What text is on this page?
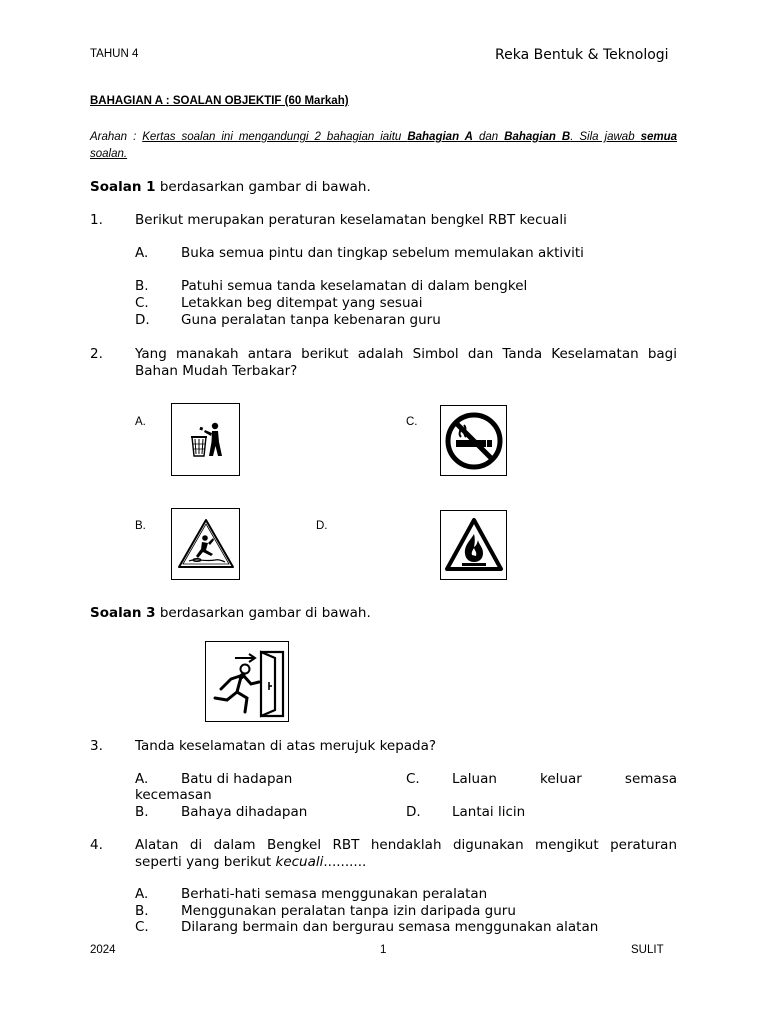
TAHUN 4	Reka Bentuk & Teknologi
BAHAGIAN A : SOALAN OBJEKTIF (60 Markah)
Arahan : Kertas soalan ini mengandungi 2 bahagian iaitu Bahagian A dan Bahagian B. Sila jawab semua
soalan.
Soalan 1 berdasarkan gambar di bawah.
1. Berikut merupakan peraturan keselamatan bengkel RBT kecuali
A. Buka semua pintu dan tingkap sebelum memulakan aktiviti
B. Patuhi semua tanda keselamatan di dalam bengkel
C. Letakkan beg ditempat yang sesuai
D. Guna peralatan tanpa kebenaran guru
2. Yang manakah antara berikut adalah Simbol dan Tanda Keselamatan bagi
Bahan Mudah Terbakar?
A.	C.
B.	D.
Soalan 3 berdasarkan gambar di bawah.
3. Tanda keselamatan di atas merujuk kepada?
A. Batu di hadapan	C. Laluan keluar semasa
kecemasan
B. Bahaya dihadapan	D. Lantai licin
4. Alatan di dalam Bengkel RBT hendaklah digunakan mengikut peraturan
seperti yang berikut kecuali..........
A. Berhati-hati semasa menggunakan peralatan
B. Menggunakan peralatan tanpa izin daripada guru
C. Dilarang bermain dan bergurau semasa menggunakan alatan
2024	1	SULIT
